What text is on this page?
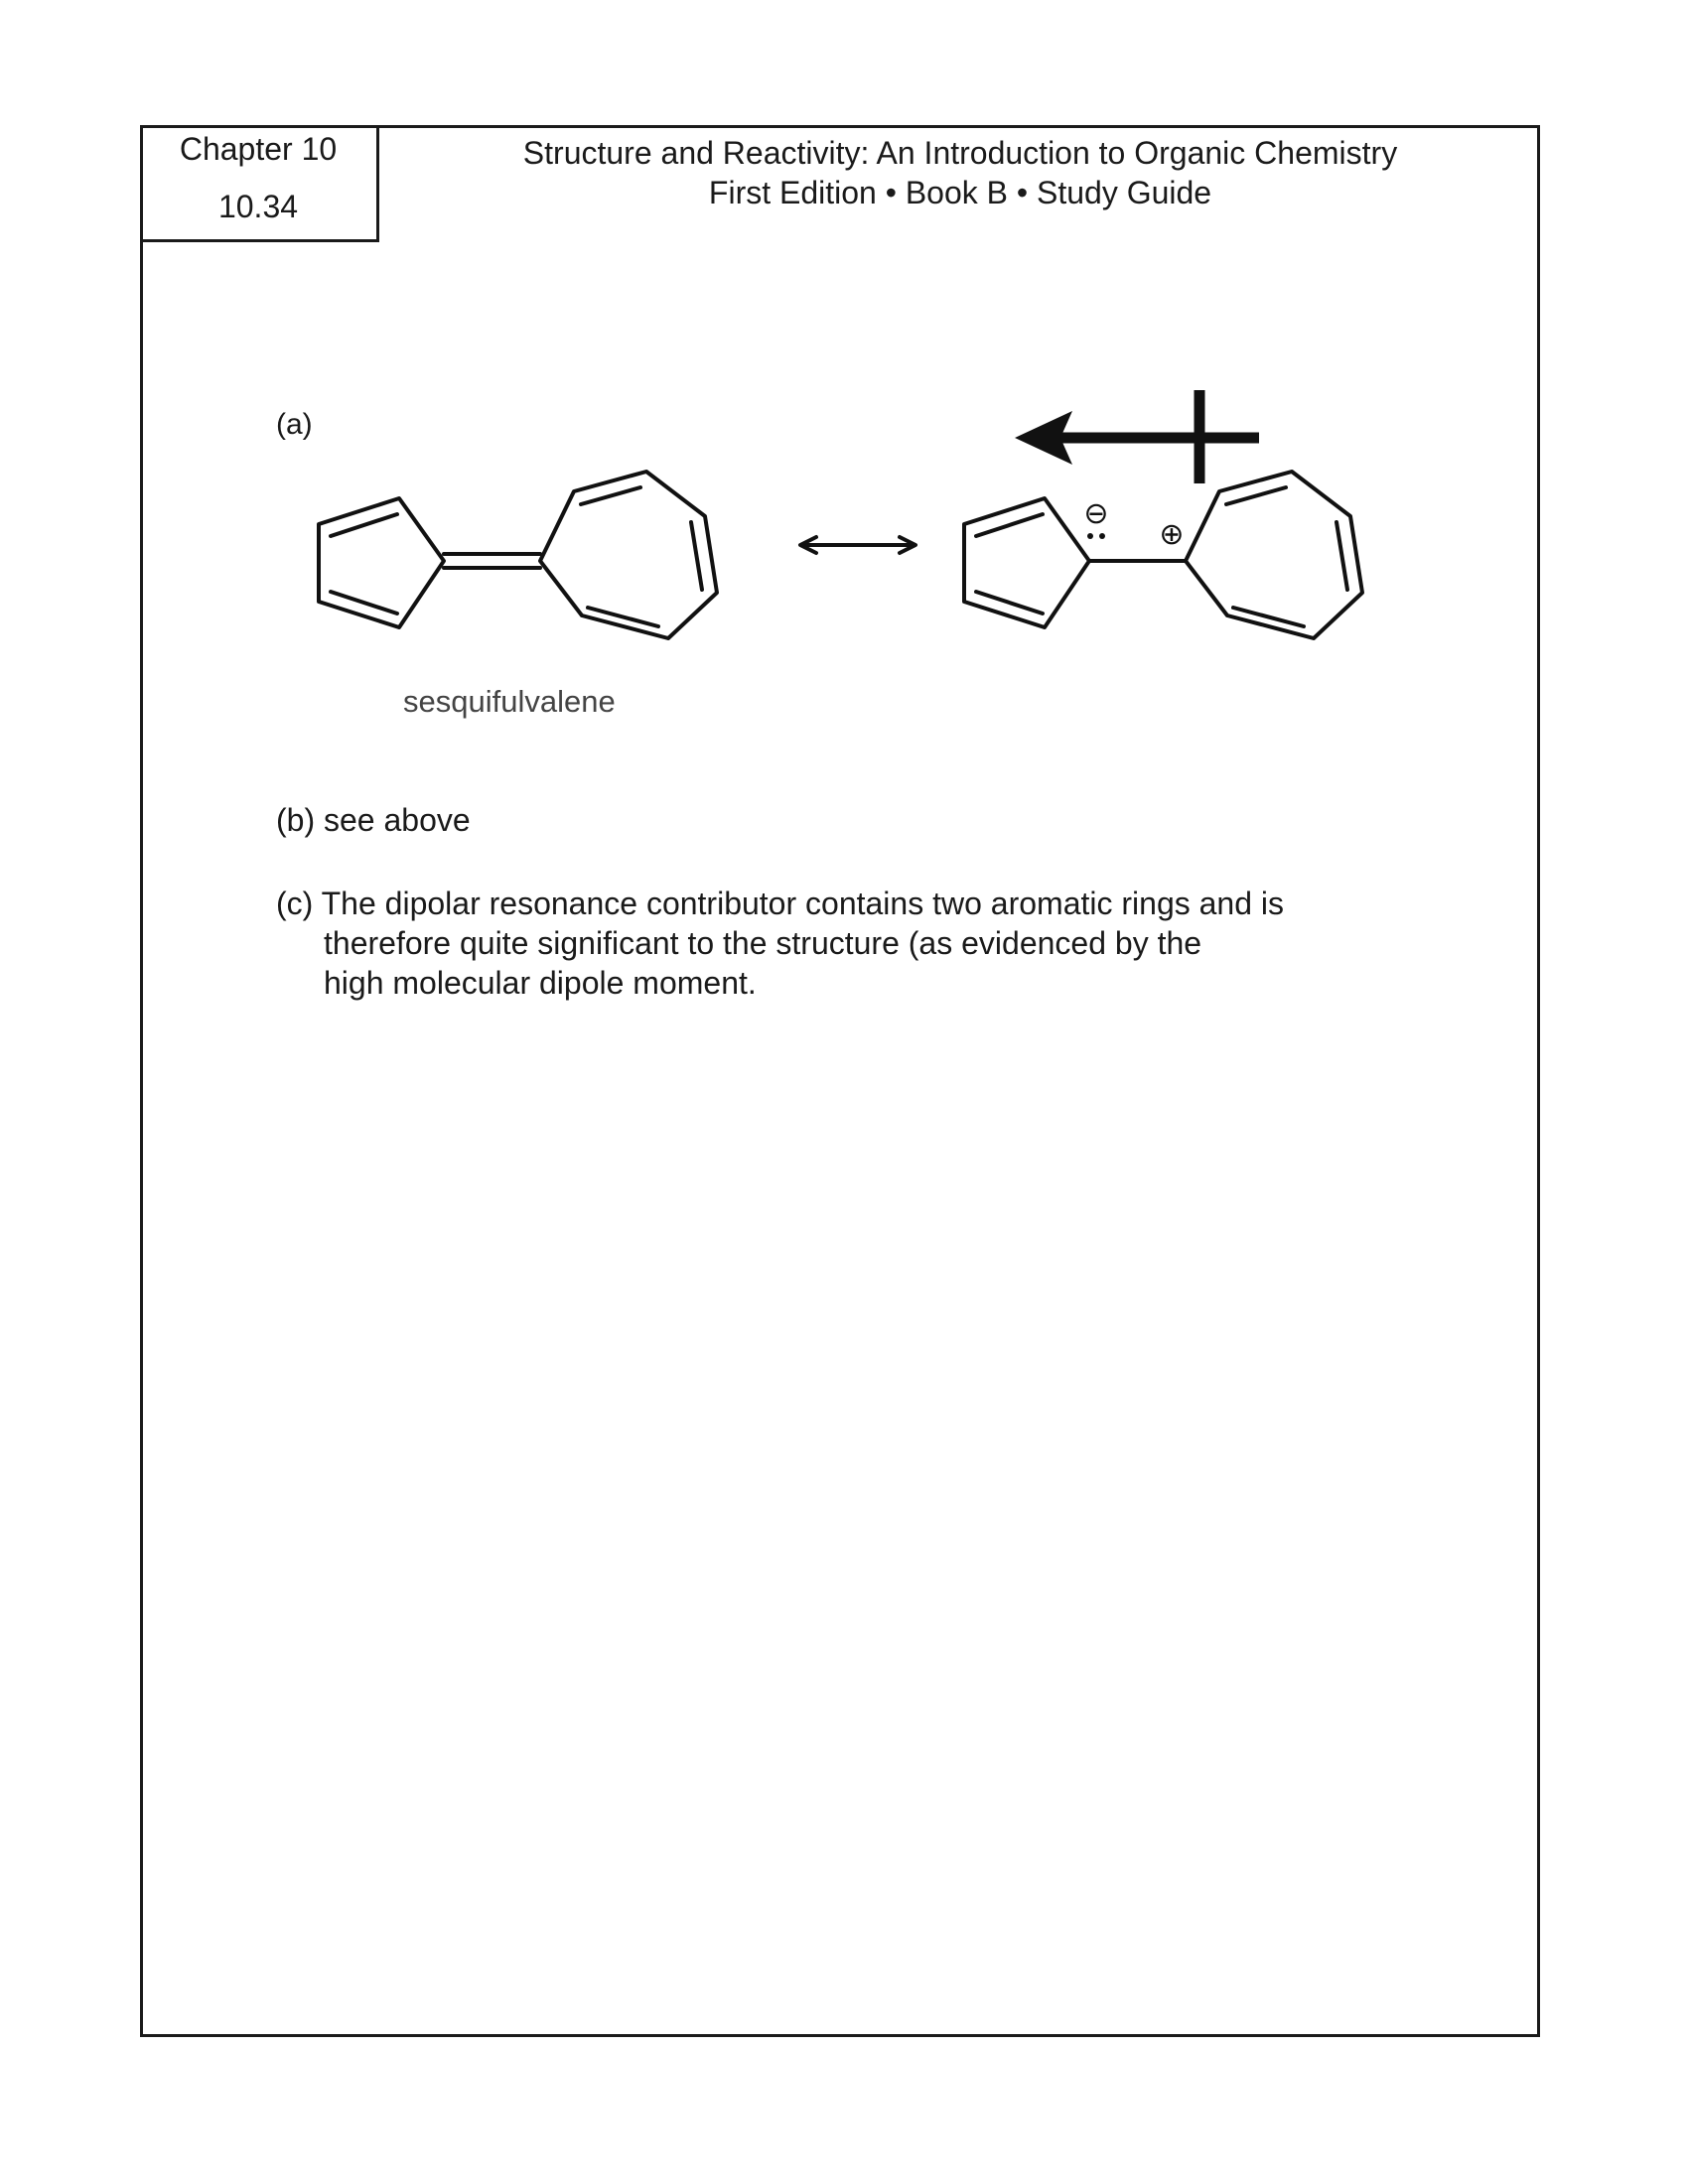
Chapter 10
10.34
Structure and Reactivity: An Introduction to Organic Chemistry
First Edition • Book B • Study Guide
(a)
⊖
⊕
sesquifulvalene
(b) see above
(c) The dipolar resonance contributor contains two aromatic rings and is
therefore quite significant to the structure (as evidenced by the
high molecular dipole moment.
